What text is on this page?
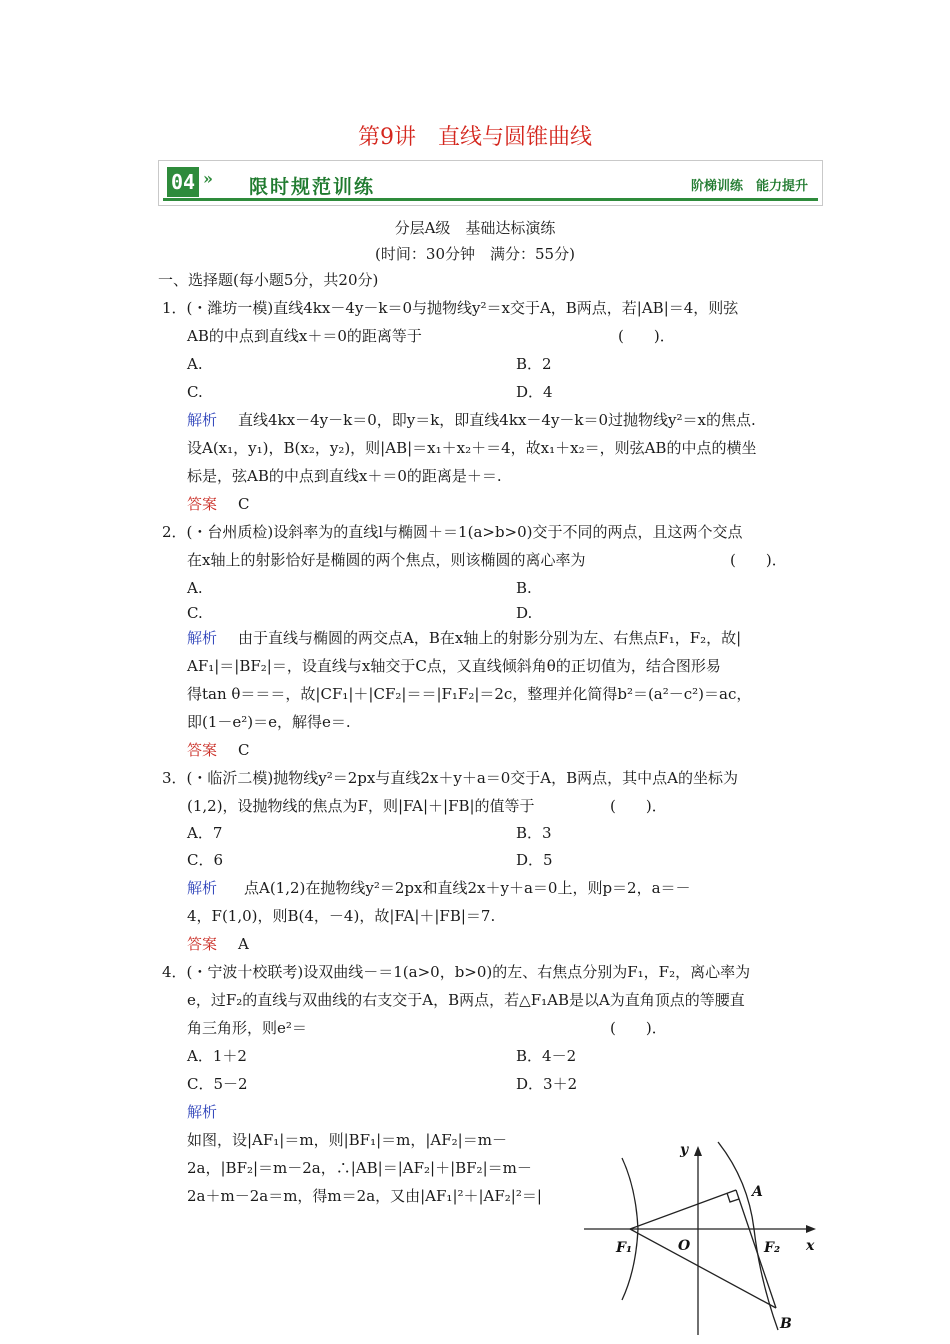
第9讲　直线与圆锥曲线
04 » 限时规范训练	阶梯训练　能力提升
分层A级　基础达标演练
(时间：30分钟　满分：55分)
一、选择题(每小题5分，共20分)
1．(・潍坊一模)直线4kx－4y－k＝0与抛物线y²＝x交于A，B两点，若|AB|＝4，则弦
AB的中点到直线x＋＝0的距离等于	(　　)．
A.	B．2
C.	D．4
解析 直线4kx－4y－k＝0，即y＝k，即直线4kx－4y－k＝0过抛物线y²＝x的焦点.
设A(x₁，y₁)，B(x₂，y₂)，则|AB|＝x₁＋x₂＋＝4，故x₁＋x₂＝，则弦AB的中点的横坐
标是，弦AB的中点到直线x＋＝0的距离是＋＝.
答案 C
2．(・台州质检)设斜率为的直线l与椭圆＋＝1(a>b>0)交于不同的两点，且这两个交点
在x轴上的射影恰好是椭圆的两个焦点，则该椭圆的离心率为	(　　)．
A.	B.
C.	D.
解析 由于直线与椭圆的两交点A，B在x轴上的射影分别为左、右焦点F₁，F₂，故|
AF₁|＝|BF₂|＝，设直线与x轴交于C点，又直线倾斜角θ的正切值为，结合图形易
得tan θ＝＝＝，故|CF₁|＋|CF₂|＝＝|F₁F₂|＝2c，整理并化简得b²＝(a²－c²)＝ac，
即(1－e²)＝e，解得e＝.
答案 C
3．(・临沂二模)抛物线y²＝2px与直线2x＋y＋a＝0交于A，B两点，其中点A的坐标为
(1,2)，设抛物线的焦点为F，则|FA|＋|FB|的值等于	(　　)．
A．7	B．3
C．6	D．5
解析 点A(1,2)在抛物线y²＝2px和直线2x＋y＋a＝0上，则p＝2，a＝－
4，F(1,0)，则B(4，－4)，故|FA|＋|FB|＝7.
答案 A
4．(・宁波十校联考)设双曲线－＝1(a>0，b>0)的左、右焦点分别为F₁，F₂，离心率为
e，过F₂的直线与双曲线的右支交于A，B两点，若△F₁AB是以A为直角顶点的等腰直
角三角形，则e²＝	(　　)．
A．1＋2	B．4－2
C．5－2	D．3＋2
解析
如图，设|AF₁|＝m，则|BF₁|＝m，|AF₂|＝m－
2a，|BF₂|＝m－2a，∴|AB|＝|AF₂|＋|BF₂|＝m－
2a＋m－2a＝m，得m＝2a，又由|AF₁|²＋|AF₂|²＝|
y
x
A
B
O
F₁	F₂
